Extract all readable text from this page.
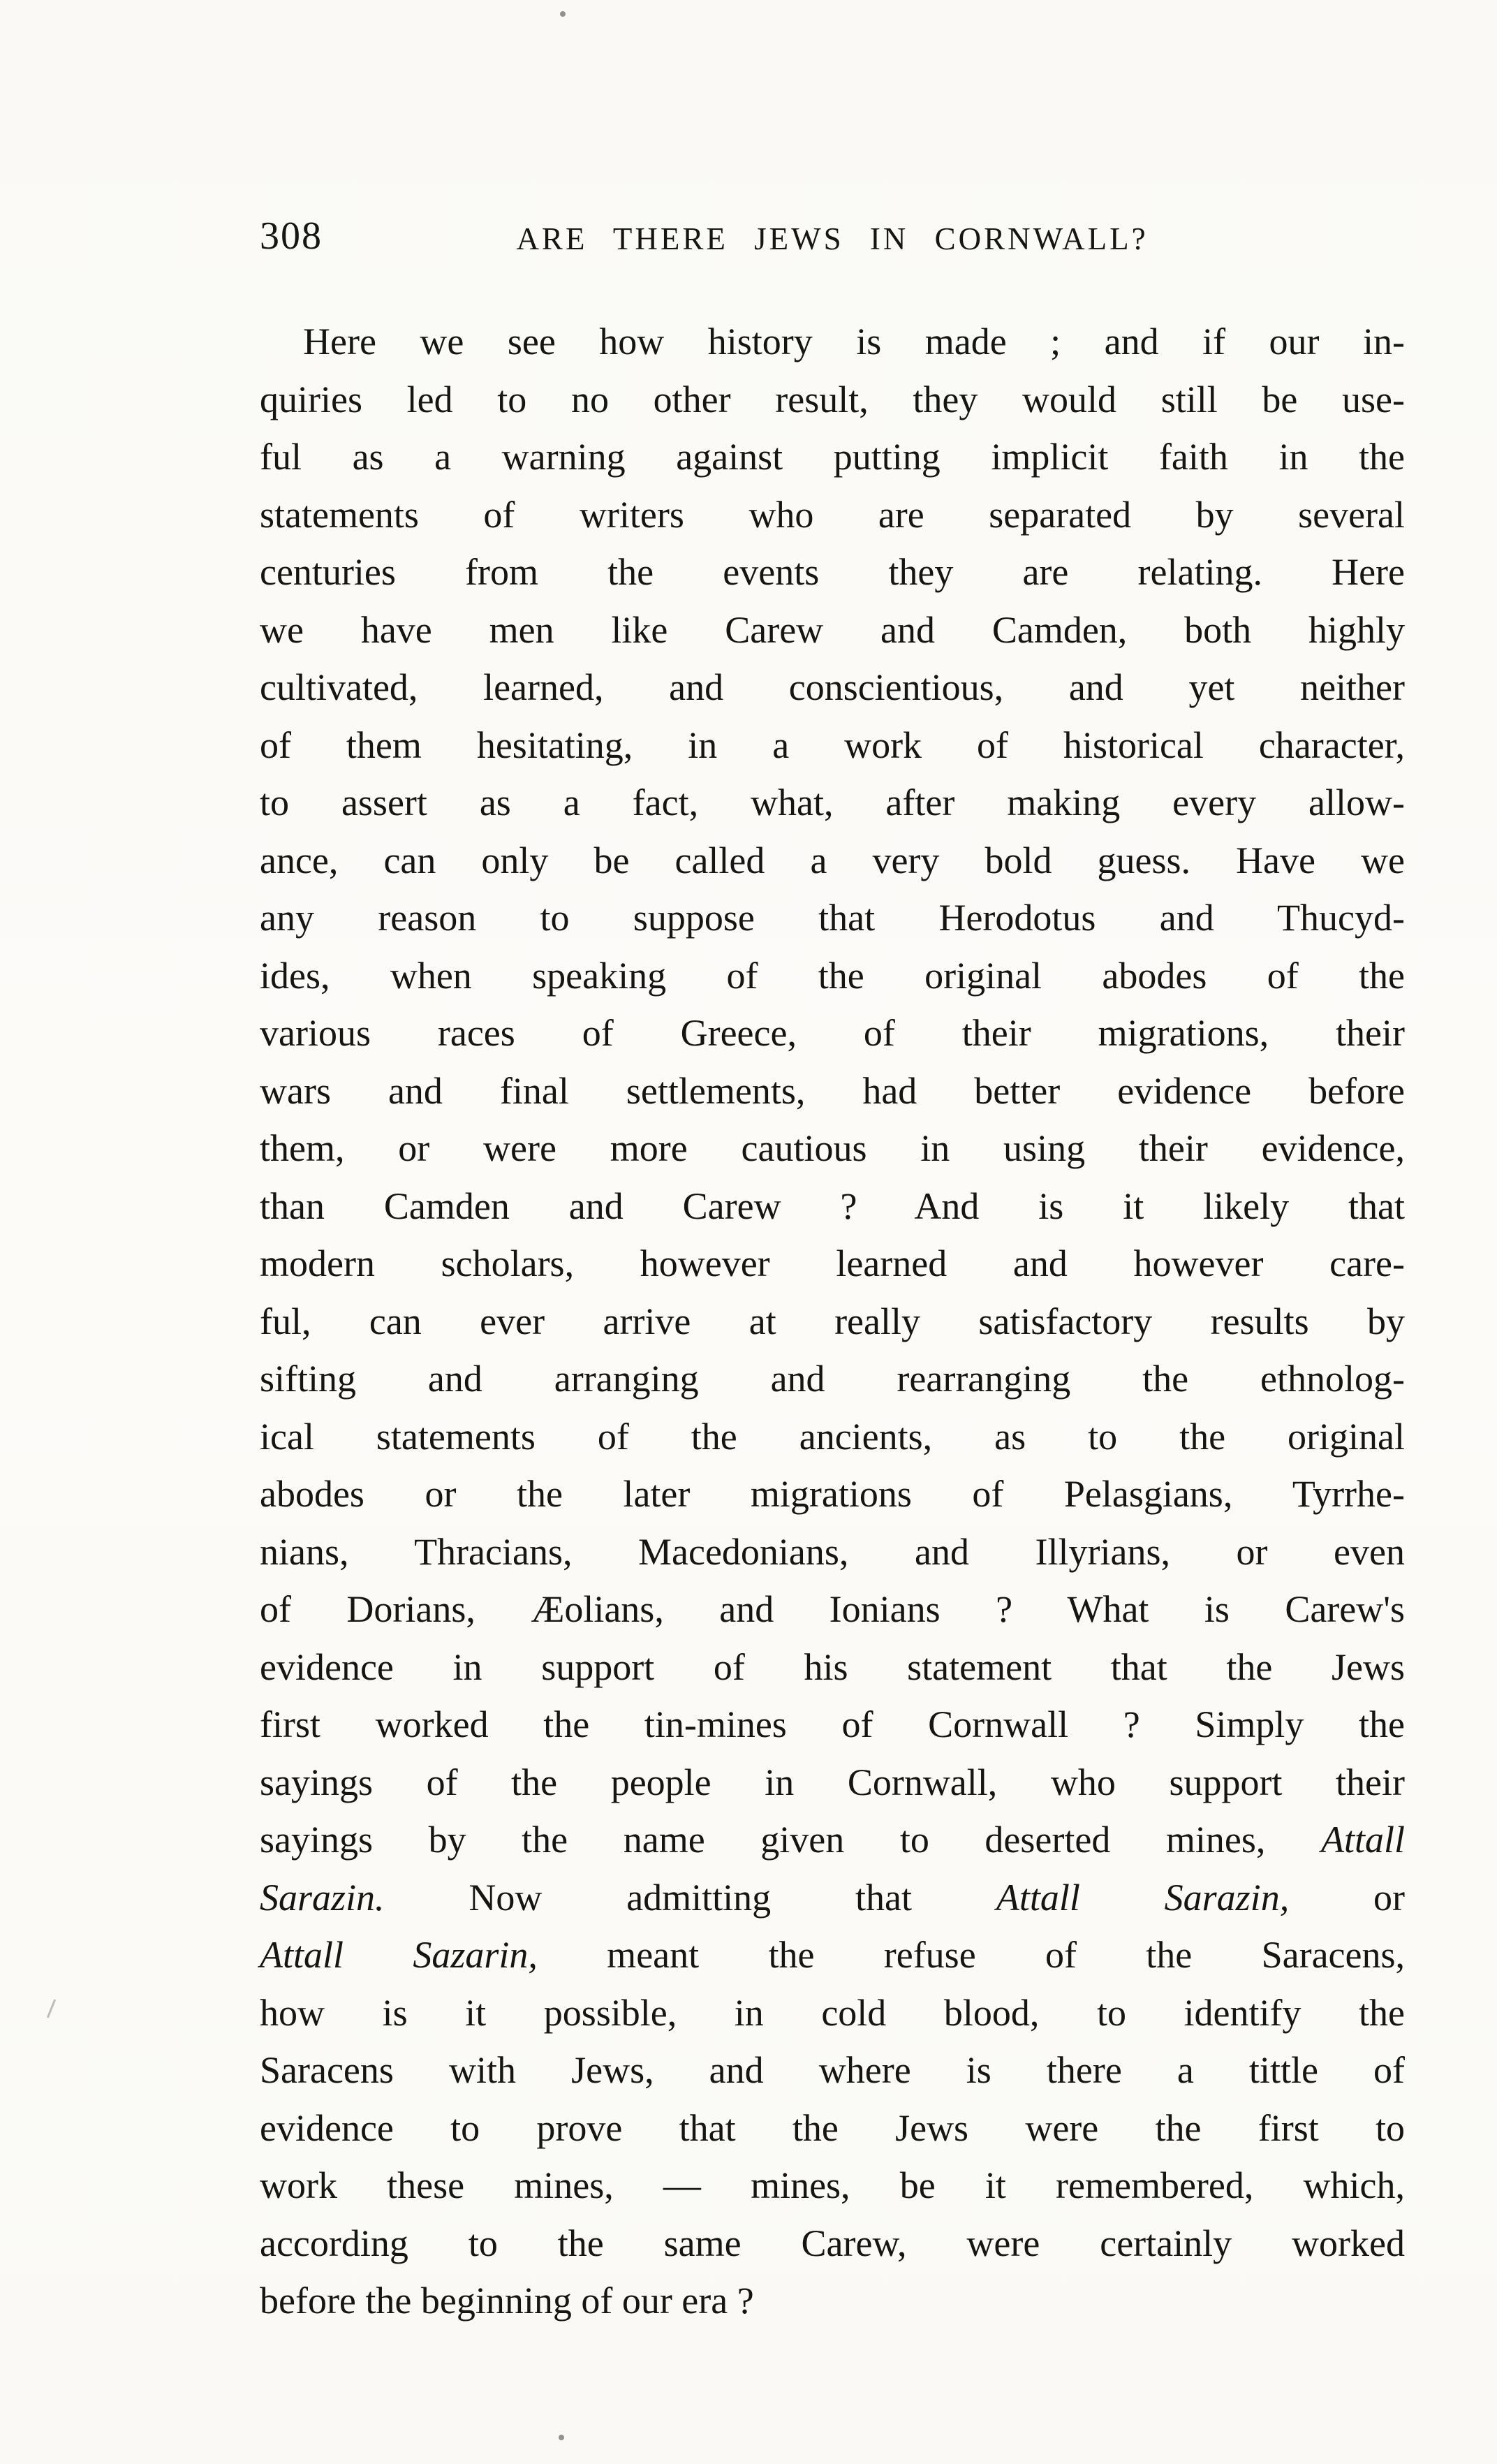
308	ARE THERE JEWS IN CORNWALL?
Here we see how history is made ; and if our in-
quiries led to no other result, they would still be use-
ful as a warning against putting implicit faith in the
statements of writers who are separated by several
centuries from the events they are relating. Here
we have men like Carew and Camden, both highly
cultivated, learned, and conscientious, and yet neither
of them hesitating, in a work of historical character,
to assert as a fact, what, after making every allow-
ance, can only be called a very bold guess. Have we
any reason to suppose that Herodotus and Thucyd-
ides, when speaking of the original abodes of the
various races of Greece, of their migrations, their
wars and final settlements, had better evidence before
them, or were more cautious in using their evidence,
than Camden and Carew ? And is it likely that
modern scholars, however learned and however care-
ful, can ever arrive at really satisfactory results by
sifting and arranging and rearranging the ethnolog-
ical statements of the ancients, as to the original
abodes or the later migrations of Pelasgians, Tyrrhe-
nians, Thracians, Macedonians, and Illyrians, or even
of Dorians, Æolians, and Ionians ? What is Carew's
evidence in support of his statement that the Jews
first worked the tin-mines of Cornwall ? Simply the
sayings of the people in Cornwall, who support their
sayings by the name given to deserted mines, Attall
Sarazin. Now admitting that Attall Sarazin, or
Attall Sazarin, meant the refuse of the Saracens,
how is it possible, in cold blood, to identify the
Saracens with Jews, and where is there a tittle of
evidence to prove that the Jews were the first to
work these mines, — mines, be it remembered, which,
according to the same Carew, were certainly worked
before the beginning of our era ?
